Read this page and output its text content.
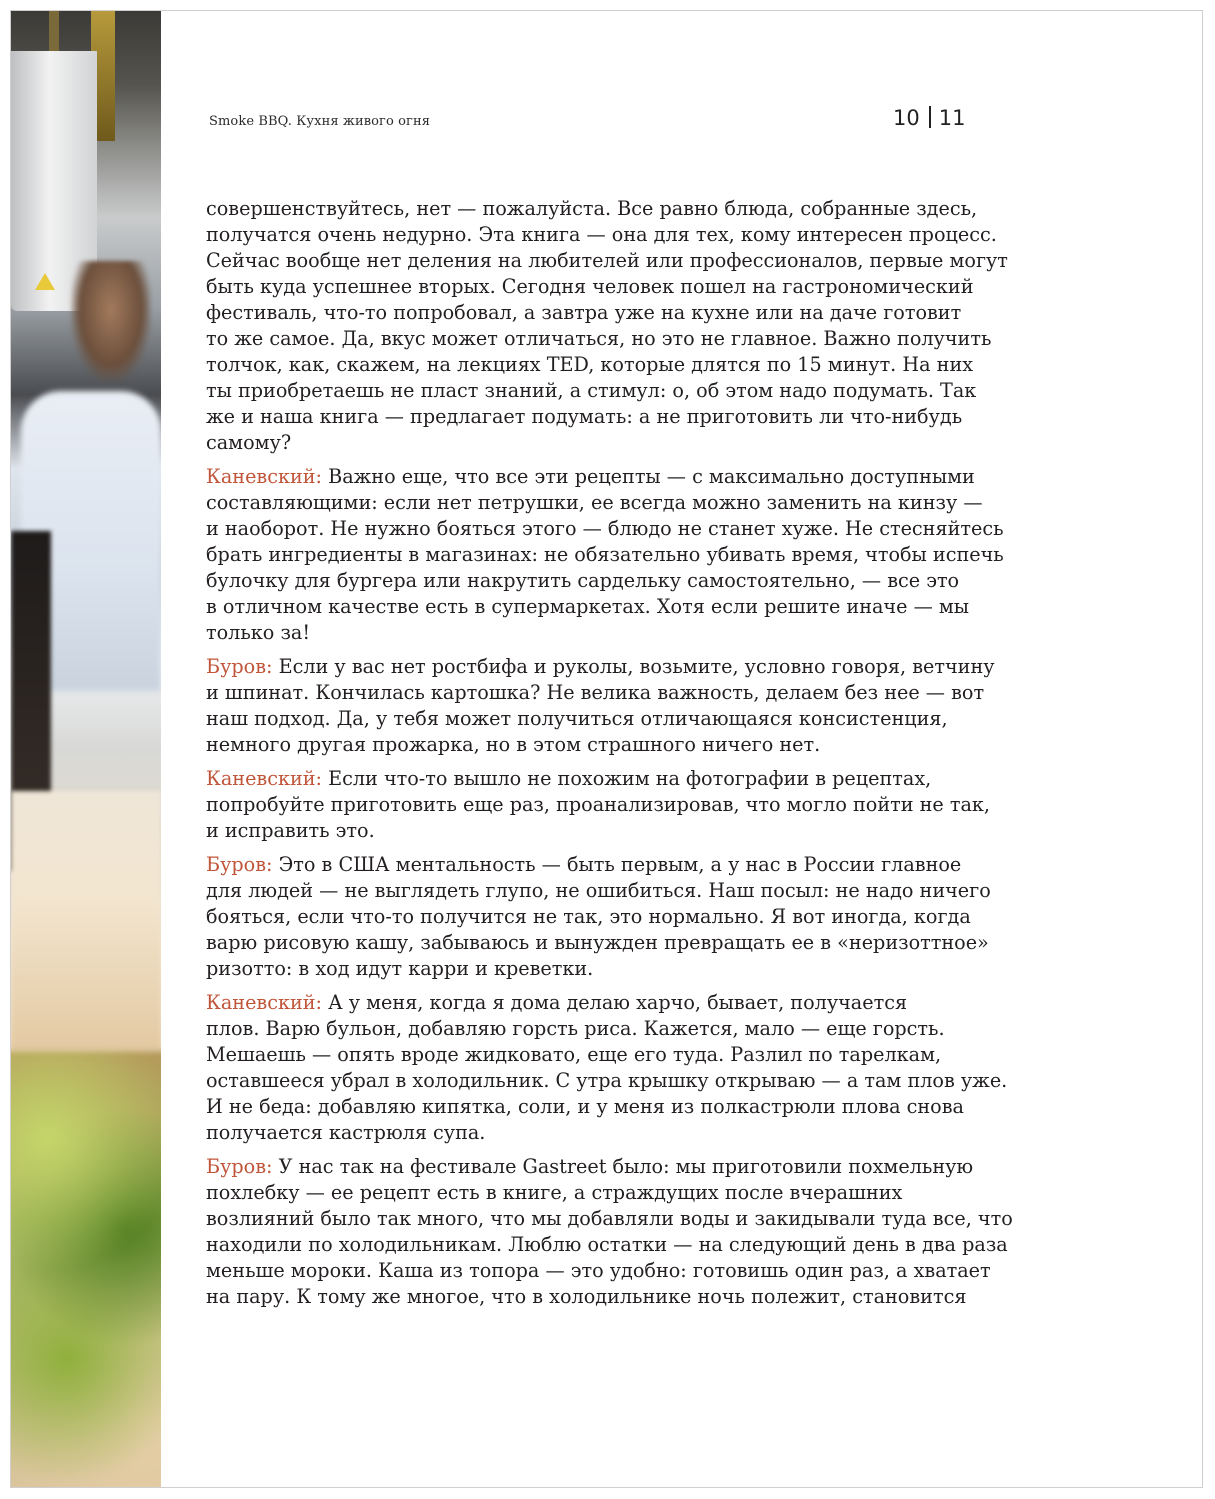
Smoke BBQ. Кухня живого огня	10 11

совершенствуйтесь, нет — пожалуйста. Все равно блюда, собранные здесь,
получатся очень недурно. Эта книга — она для тех, кому интересен процесс.
Сейчас вообще нет деления на любителей или профессионалов, первые могут
быть куда успешнее вторых. Сегодня человек пошел на гастрономический
фестиваль, что-то попробовал, а завтра уже на кухне или на даче готовит
то же самое. Да, вкус может отличаться, но это не главное. Важно получить
толчок, как, скажем, на лекциях TED, которые длятся по 15 минут. На них
ты приобретаешь не пласт знаний, а стимул: о, об этом надо подумать. Так
же и наша книга — предлагает подумать: а не приготовить ли что-нибудь
самому?

Каневский: Важно еще, что все эти рецепты — с максимально доступными
составляющими: если нет петрушки, ее всегда можно заменить на кинзу —
и наоборот. Не нужно бояться этого — блюдо не станет хуже. Не стесняйтесь
брать ингредиенты в магазинах: не обязательно убивать время, чтобы испечь
булочку для бургера или накрутить сардельку самостоятельно, — все это
в отличном качестве есть в супермаркетах. Хотя если решите иначе — мы
только за!

Буров: Если у вас нет ростбифа и руколы, возьмите, условно говоря, ветчину
и шпинат. Кончилась картошка? Не велика важность, делаем без нее — вот
наш подход. Да, у тебя может получиться отличающаяся консистенция,
немного другая прожарка, но в этом страшного ничего нет.

Каневский: Если что-то вышло не похожим на фотографии в рецептах,
попробуйте приготовить еще раз, проанализировав, что могло пойти не так,
и исправить это.

Буров: Это в США ментальность — быть первым, а у нас в России главное
для людей — не выглядеть глупо, не ошибиться. Наш посыл: не надо ничего
бояться, если что-то получится не так, это нормально. Я вот иногда, когда
варю рисовую кашу, забываюсь и вынужден превращать ее в «неризоттное»
ризотто: в ход идут карри и креветки.

Каневский: А у меня, когда я дома делаю харчо, бывает, получается
плов. Варю бульон, добавляю горсть риса. Кажется, мало — еще горсть.
Мешаешь — опять вроде жидковато, еще его туда. Разлил по тарелкам,
оставшееся убрал в холодильник. С утра крышку открываю — а там плов уже.
И не беда: добавляю кипятка, соли, и у меня из полкастрюли плова снова
получается кастрюля супа.

Буров: У нас так на фестивале Gastreet было: мы приготовили похмельную
похлебку — ее рецепт есть в книге, а страждущих после вчерашних
возлияний было так много, что мы добавляли воды и закидывали туда все, что
находили по холодильникам. Люблю остатки — на следующий день в два раза
меньше мороки. Каша из топора — это удобно: готовишь один раз, а хватает
на пару. К тому же многое, что в холодильнике ночь полежит, становится
